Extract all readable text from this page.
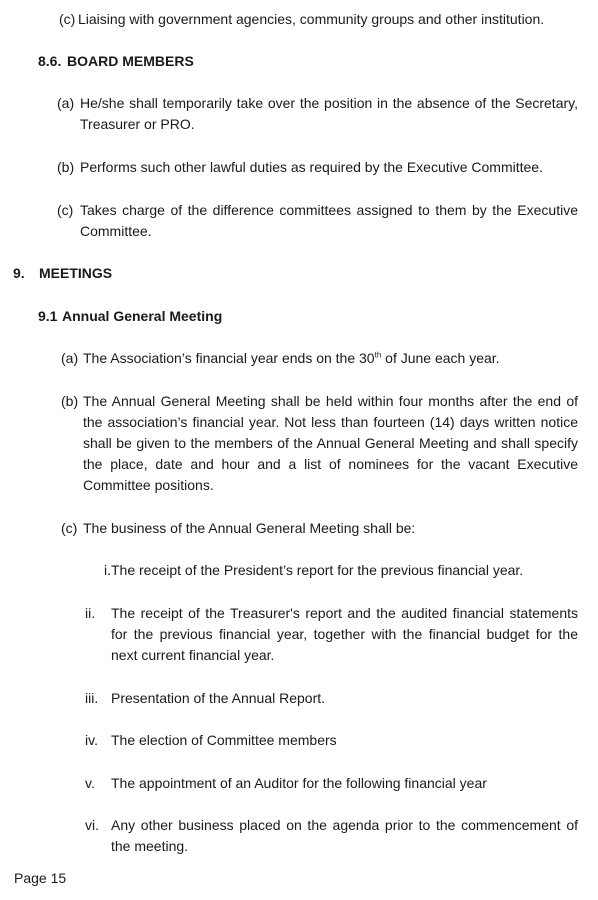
(c) Liaising with government agencies, community groups and other institution.
8.6. BOARD MEMBERS
(a) He/she shall temporarily take over the position in the absence of the Secretary, Treasurer or PRO.
(b) Performs such other lawful duties as required by the Executive Committee.
(c) Takes charge of the difference committees assigned to them by the Executive Committee.
9.	MEETINGS
9.1 Annual General Meeting
(a) The Association’s financial year ends on the 30th of June each year.
(b) The Annual General Meeting shall be held within four months after the end of the association’s financial year. Not less than fourteen (14) days written notice shall be given to the members of the Annual General Meeting and shall specify the place, date and hour and a list of nominees for the vacant Executive Committee positions.
(c) The business of the Annual General Meeting shall be:
i. The receipt of the President’s report for the previous financial year.
ii.	The receipt of the Treasurer's report and the audited financial statements for the previous financial year, together with the financial budget for the next current financial year.
iii. Presentation of the Annual Report.
iv. The election of Committee members
v.	The appointment of an Auditor for the following financial year
vi. Any other business placed on the agenda prior to the commencement of the meeting.
Page 15
